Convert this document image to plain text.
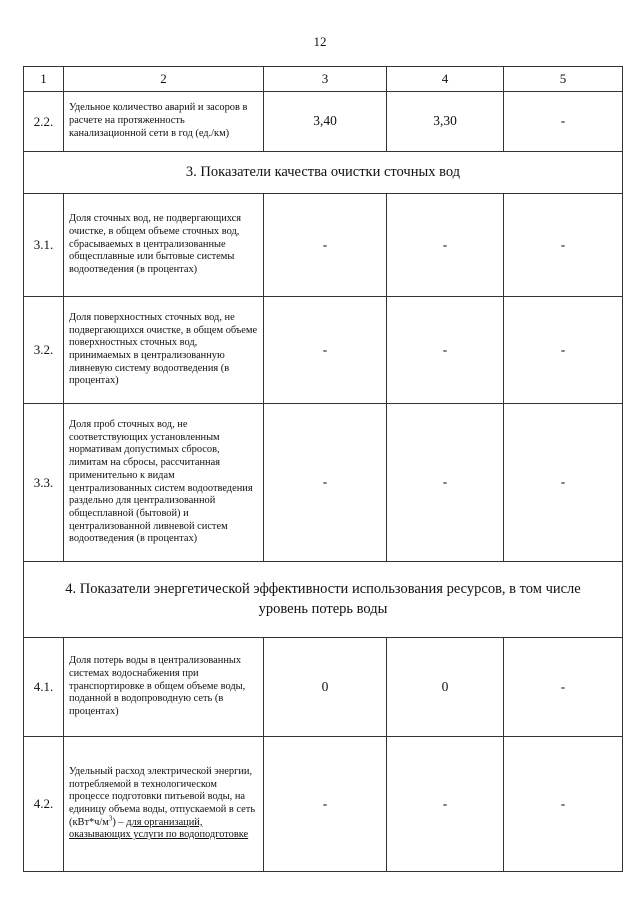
12
1	2	3	4	5
2.2.	Удельное количество аварий и засоров в расчете на протяженность канализационной сети в год (ед./км)	3,40	3,30	-
3. Показатели качества очистки сточных вод				
3.1.	Доля сточных вод, не подвергающихся очистке, в общем объеме сточных вод, сбрасываемых в централизованные общесплавные или бытовые системы водоотведения (в процентах)	-	-	-
3.2.	Доля поверхностных сточных вод, не подвергающихся очистке, в общем объеме поверхностных сточных вод, принимаемых в централизованную ливневую систему водоотведения (в процентах)	-	-	-
3.3.	Доля проб сточных вод, не соответствующих установленным нормативам допустимых сбросов, лимитам на сбросы, рассчитанная применительно к видам централизованных систем водоотведения раздельно для централизованной общесплавной (бытовой) и централизованной ливневой систем водоотведения (в процентах)	-	-	-
4. Показатели энергетической эффективности использования ресурсов, в том числе уровень потерь воды				
4.1.	Доля потерь воды в централизованных системах водоснабжения при транспортировке в общем объеме воды, поданной в водопроводную сеть (в процентах)	0	0	-
4.2.	Удельный расход электрической энергии, потребляемой в технологическом процессе подготовки питьевой воды, на единицу объема воды, отпускаемой в сеть $(кВт*ч/м^3)$ – для организаций, оказывающих услуги по водоподготовке	-	-	-
